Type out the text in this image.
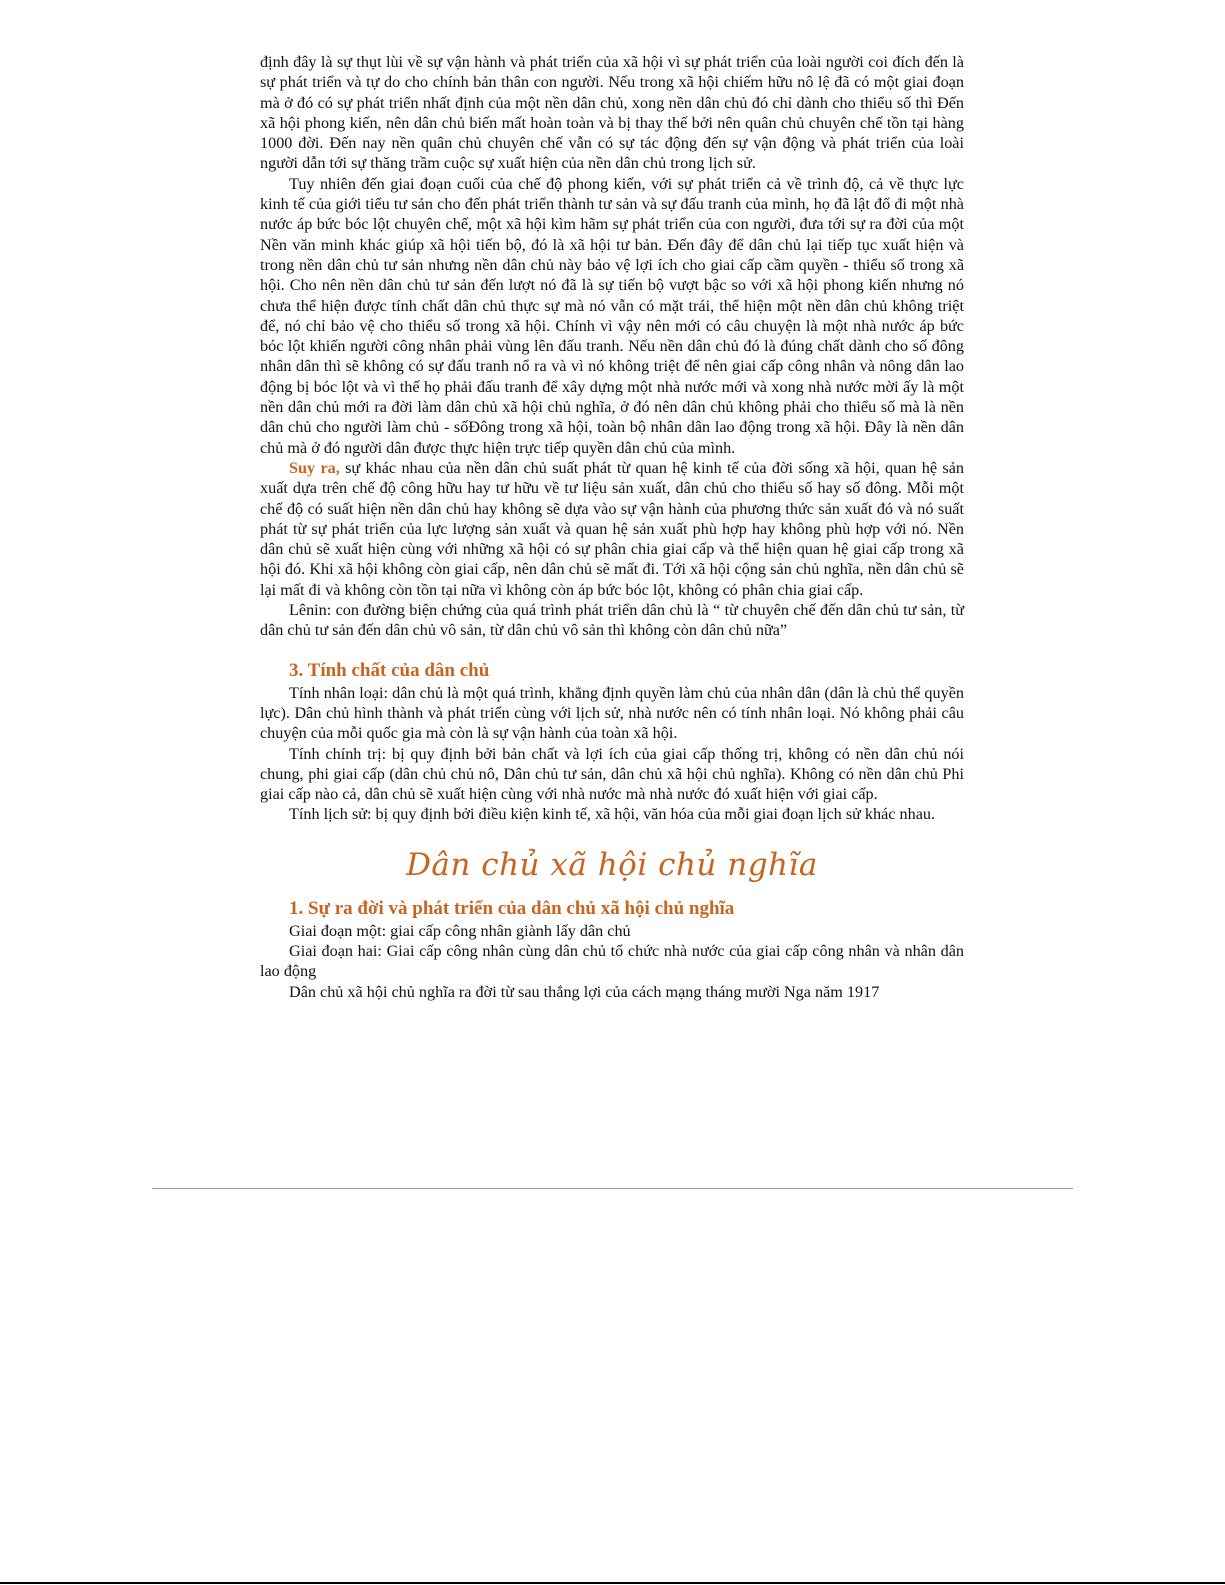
định đây là sự thụt lùi về sự vận hành và phát triển của xã hội vì sự phát triển của loài người coi đích đến là sự phát triển và tự do cho chính bản thân con người. Nếu trong xã hội chiếm hữu nô lệ đã có một giai đoạn mà ở đó có sự phát triển nhất định của một nền dân chủ, xong nền dân chủ đó chỉ dành cho thiểu số thì Đến xã hội phong kiến, nên dân chủ biến mất hoàn toàn và bị thay thế bởi nên quân chủ chuyên chế tồn tại hàng 1000 đời. Đến nay nền quân chủ chuyên chế vẫn có sự tác động đến sự vận động và phát triển của loài người dẫn tới sự thăng trầm cuộc sự xuất hiện của nền dân chủ trong lịch sử.

Tuy nhiên đến giai đoạn cuối của chế độ phong kiến, với sự phát triển cả về trình độ, cả về thực lực kinh tế của giới tiểu tư sản cho đến phát triển thành tư sản và sự đấu tranh của mình, họ đã lật đổ đi một nhà nước áp bức bóc lột chuyên chế, một xã hội kìm hãm sự phát triển của con người, đưa tới sự ra đời của một Nền văn minh khác giúp xã hội tiến bộ, đó là xã hội tư bản. Đến đây để dân chủ lại tiếp tục xuất hiện và trong nền dân chủ tư sản nhưng nền dân chủ này bảo vệ lợi ích cho giai cấp cầm quyền - thiểu số trong xã hội. Cho nên nền dân chủ tư sản đến lượt nó đã là sự tiến bộ vượt bậc so với xã hội phong kiến nhưng nó chưa thể hiện được tính chất dân chủ thực sự mà nó vẫn có mặt trái, thể hiện một nền dân chủ không triệt để, nó chỉ bảo vệ cho thiểu số trong xã hội. Chính vì vậy nên mới có câu chuyện là một nhà nước áp bức bóc lột khiến người công nhân phải vùng lên đấu tranh. Nếu nền dân chủ đó là đúng chất dành cho số đông nhân dân thì sẽ không có sự đấu tranh nổ ra và vì nó không triệt để nên giai cấp công nhân và nông dân lao động bị bóc lột và vì thế họ phải đấu tranh để xây dựng một nhà nước mới và xong nhà nước mời ấy là một nền dân chủ mới ra đời làm dân chủ xã hội chủ nghĩa, ở đó nên dân chủ không phải cho thiểu số mà là nền dân chủ cho người làm chủ - sốĐông trong xã hội, toàn bộ nhân dân lao động trong xã hội. Đây là nền dân chủ mà ở đó người dân được thực hiện trực tiếp quyền dân chủ của mình.

Suy ra, sự khác nhau của nền dân chủ suất phát từ quan hệ kinh tế của đời sống xã hội, quan hệ sản xuất dựa trên chế độ công hữu hay tư hữu về tư liệu sản xuất, dân chủ cho thiểu số hay số đông. Mỗi một chế độ có suất hiện nền dân chủ hay không sẽ dựa vào sự vận hành của phương thức sản xuất đó và nó suất phát từ sự phát triển của lực lượng sản xuất và quan hệ sản xuất phù hợp hay không phù hợp với nó. Nền dân chủ sẽ xuất hiện cùng với những xã hội có sự phân chia giai cấp và thể hiện quan hệ giai cấp trong xã hội đó. Khi xã hội không còn giai cấp, nên dân chủ sẽ mất đi. Tới xã hội cộng sản chủ nghĩa, nền dân chủ sẽ lại mất đi và không còn tồn tại nữa vì không còn áp bức bóc lột, không có phân chia giai cấp.

Lênin: con đường biện chứng của quá trình phát triển dân chủ là “ từ chuyên chế đến dân chủ tư sản, từ dân chủ tư sản đến dân chủ vô sản, từ dân chủ vô sản thì không còn dân chủ nữa”

3. Tính chất của dân chủ

Tính nhân loại: dân chủ là một quá trình, khẳng định quyền làm chủ của nhân dân (dân là chủ thể quyền lực). Dân chủ hình thành và phát triển cùng với lịch sử, nhà nước nên có tính nhân loại. Nó không phải câu chuyện của mỗi quốc gia mà còn là sự vận hành của toàn xã hội.

Tính chính trị: bị quy định bởi bản chất và lợi ích của giai cấp thống trị, không có nền dân chủ nói chung, phi giai cấp (dân chủ chủ nô, Dân chủ tư sản, dân chủ xã hội chủ nghĩa). Không có nền dân chủ Phi giai cấp nào cả, dân chủ sẽ xuất hiện cùng với nhà nước mà nhà nước đó xuất hiện với giai cấp.

Tính lịch sử: bị quy định bởi điều kiện kinh tế, xã hội, văn hóa của mỗi giai đoạn lịch sử khác nhau.

Dân chủ xã hội chủ nghĩa
1. Sự ra đời và phát triển của dân chủ xã hội chủ nghĩa

Giai đoạn một: giai cấp công nhân giành lấy dân chủ

Giai đoạn hai: Giai cấp công nhân cùng dân chủ tổ chức nhà nước của giai cấp công nhân và nhân dân lao động

Dân chủ xã hội chủ nghĩa ra đời từ sau thắng lợi của cách mạng tháng mười Nga năm 1917
